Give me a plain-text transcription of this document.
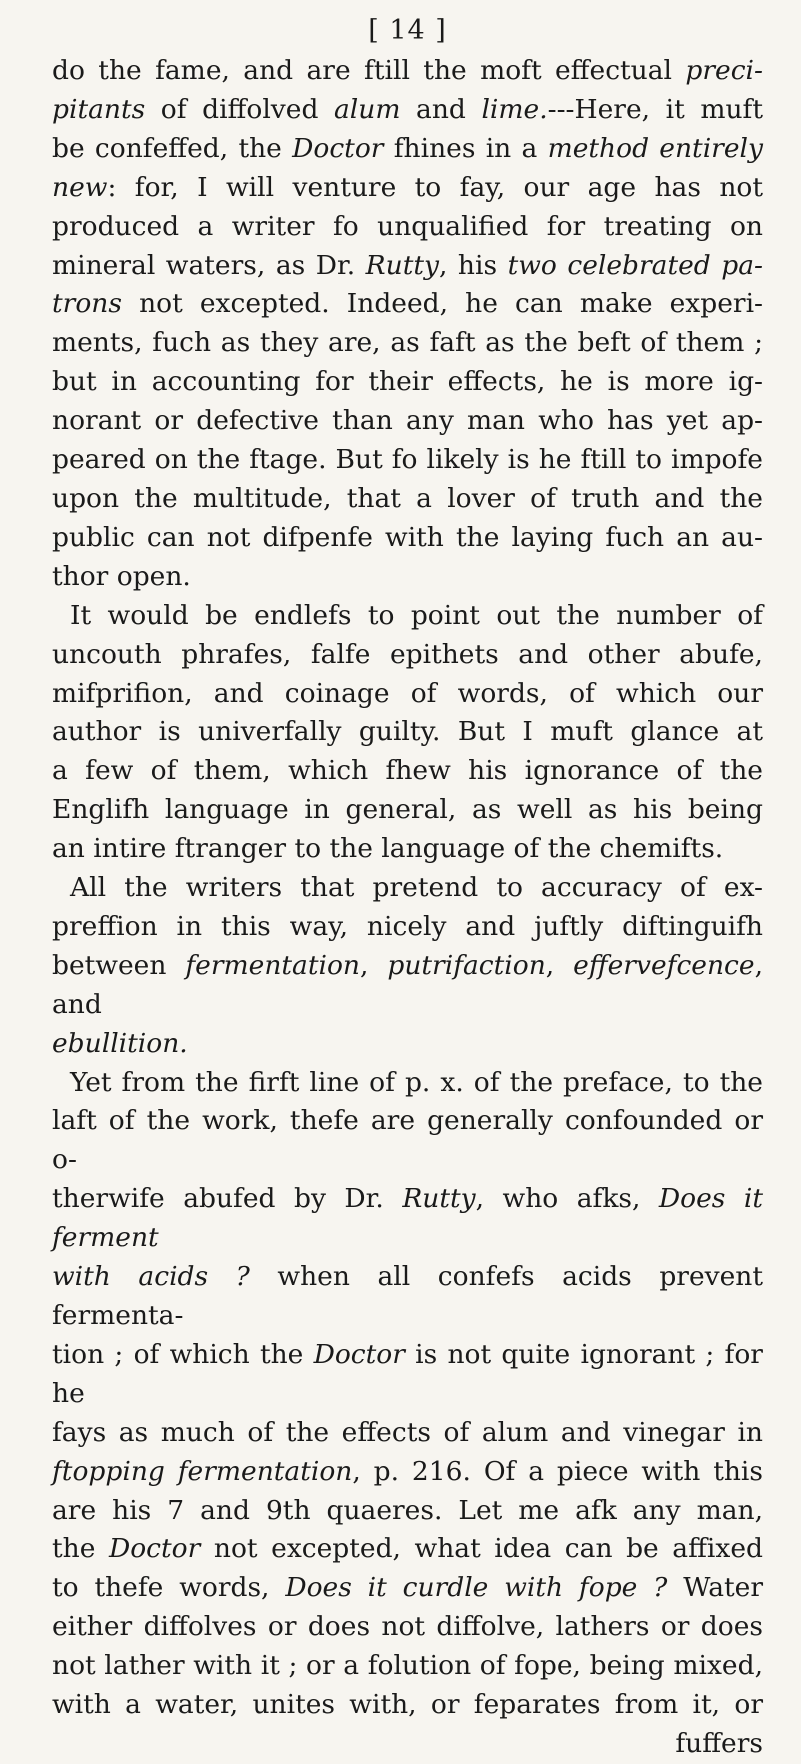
[ 14 ]
do the fame, and are ftill the moft effectual preci-
pitants of diffolved alum and lime.---Here, it muft
be confeffed, the Doctor fhines in a method entirely
new: for, I will venture to fay, our age has not
produced a writer fo unqualified for treating on
mineral waters, as Dr. Rutty, his two celebrated pa-
trons not excepted. Indeed, he can make experi-
ments, fuch as they are, as faft as the beft of them ;
but in accounting for their effects, he is more ig-
norant or defective than any man who has yet ap-
peared on the ftage. But fo likely is he ftill to impofe
upon the multitude, that a lover of truth and the
public can not difpenfe with the laying fuch an au-
thor open.
It would be endlefs to point out the number of
uncouth phrafes, falfe epithets and other abufe,
mifprifion, and coinage of words, of which our
author is univerfally guilty. But I muft glance at
a few of them, which fhew his ignorance of the
Englifh language in general, as well as his being
an intire ftranger to the language of the chemifts.
All the writers that pretend to accuracy of ex-
preffion in this way, nicely and juftly diftinguifh
between fermentation, putrifaction, effervefcence, and
ebullition.
Yet from the firft line of p. x. of the preface, to the
laft of the work, thefe are generally confounded or o-
therwife abufed by Dr. Rutty, who afks, Does it ferment
with acids ? when all confefs acids prevent fermenta-
tion ; of which the Doctor is not quite ignorant ; for he
fays as much of the effects of alum and vinegar in
ftopping fermentation, p. 216. Of a piece with this
are his 7 and 9th quaeres. Let me afk any man,
the Doctor not excepted, what idea can be affixed
to thefe words, Does it curdle with fope ? Water
either diffolves or does not diffolve, lathers or does
not lather with it ; or a folution of fope, being mixed,
with a water, unites with, or feparates from it, or
fuffers
